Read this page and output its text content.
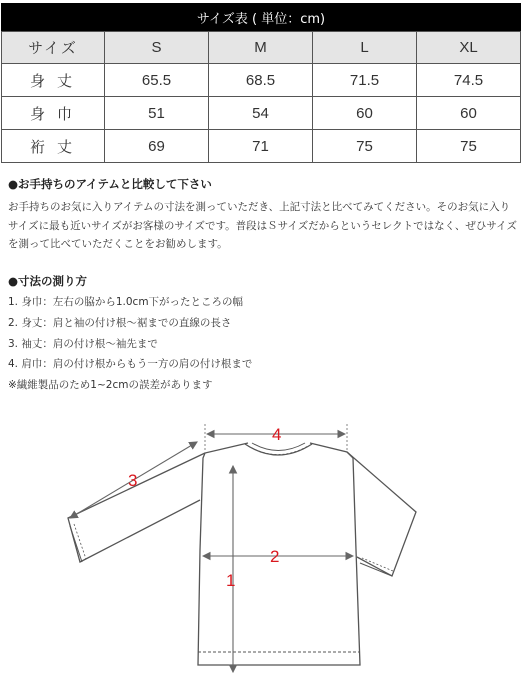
サイズ表 ( 単位：cm)
サイズ	S	M	L	XL
身丈	65.5	68.5	71.5	74.5
身巾	51	54	60	60
裄丈	69	71	75	75
●お手持ちのアイテムと比較して下さい
お手持ちのお気に入りアイテムの寸法を測っていただき、上記寸法と比べてみてください。そのお気に入りサイズに最も近いサイズがお客様のサイズです。普段はＳサイズだからというセレクトではなく、ぜひサイズを測って比べていただくことをお勧めします。
●寸法の測り方
1. 身巾：左右の脇から1.0cm下がったところの幅
2. 身丈：肩と袖の付け根～裾までの直線の長さ
3. 袖丈：肩の付け根～袖先まで
4. 肩巾：肩の付け根からもう一方の肩の付け根まで
※繊維製品のため1~2cmの誤差があります
4
3
2
1
